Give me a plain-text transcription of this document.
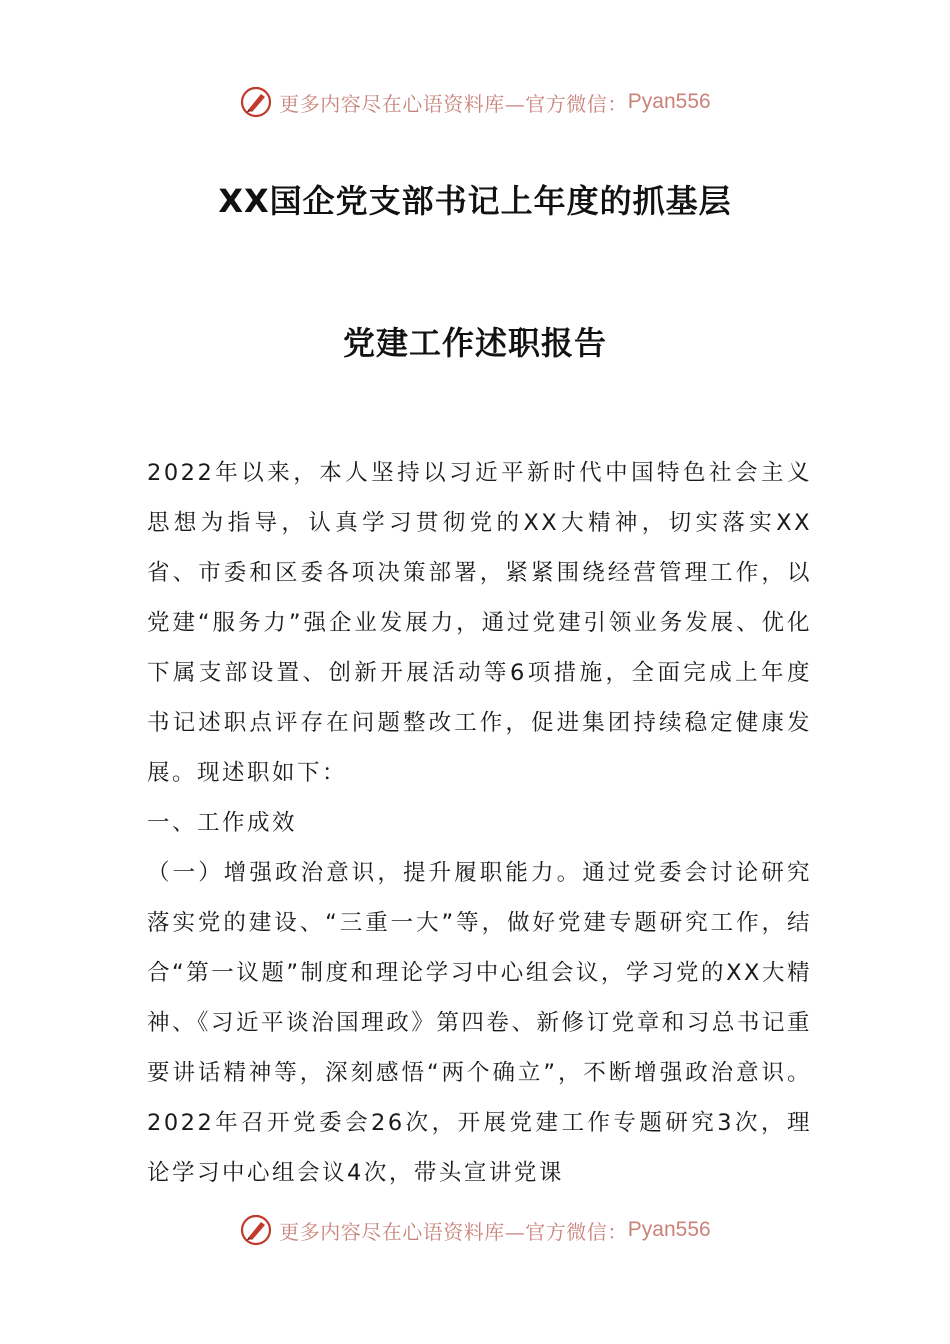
更多内容尽在心语资料库—官方微信： Pyan556
XX国企党支部书记上年度的抓基层
党建工作述职报告

2022年以来，本人坚持以习近平新时代中国特色社会主义思想为指导，认真学习贯彻党的XX大精神，切实落实XX省、市委和区委各项决策部署，紧紧围绕经营管理工作，以党建“服务力”强企业发展力，通过党建引领业务发展、优化下属支部设置、创新开展活动等6项措施，全面完成上年度书记述职点评存在问题整改工作，促进集团持续稳定健康发展。现述职如下：

一、工作成效

（一）增强政治意识，提升履职能力。通过党委会讨论研究落实党的建设、“三重一大”等，做好党建专题研究工作，结合“第一议题”制度和理论学习中心组会议，学习党的XX大精神、《习近平谈治国理政》第四卷、新修订党章和习总书记重要讲话精神等，深刻感悟“两个确立”，不断增强政治意识。2022年召开党委会26次，开展党建工作专题研究3次，理论学习中心组会议4次，带头宣讲党课

更多内容尽在心语资料库—官方微信： Pyan556
